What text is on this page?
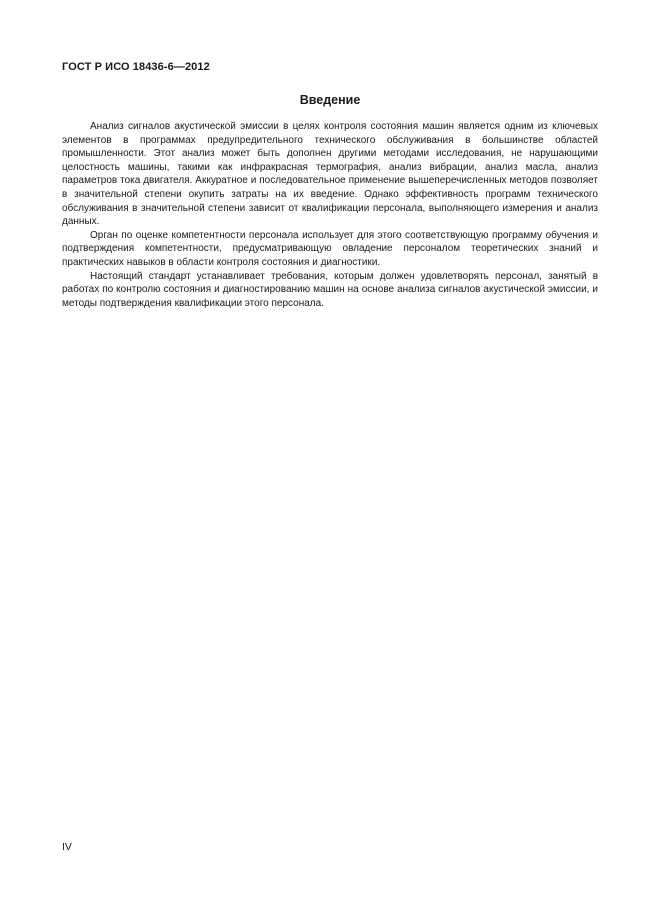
ГОСТ Р ИСО 18436-6—2012
Введение

Анализ сигналов акустической эмиссии в целях контроля состояния машин является одним из ключевых элементов в программах предупредительного технического обслуживания в большинстве областей промышленности. Этот анализ может быть дополнен другими методами исследования, не нарушающими целостность машины, такими как инфракрасная термография, анализ вибрации, анализ масла, анализ параметров тока двигателя. Аккуратное и последовательное применение вышеперечисленных методов позволяет в значительной степени окупить затраты на их введение. Однако эффективность программ технического обслуживания в значительной степени зависит от квалификации персонала, выполняющего измерения и анализ данных.

Орган по оценке компетентности персонала использует для этого соответствующую программу обучения и подтверждения компетентности, предусматривающую овладение персоналом теоретических знаний и практических навыков в области контроля состояния и диагностики.

Настоящий стандарт устанавливает требования, которым должен удовлетворять персонал, занятый в работах по контролю состояния и диагностированию машин на основе анализа сигналов акустической эмиссии, и методы подтверждения квалификации этого персонала.

IV
